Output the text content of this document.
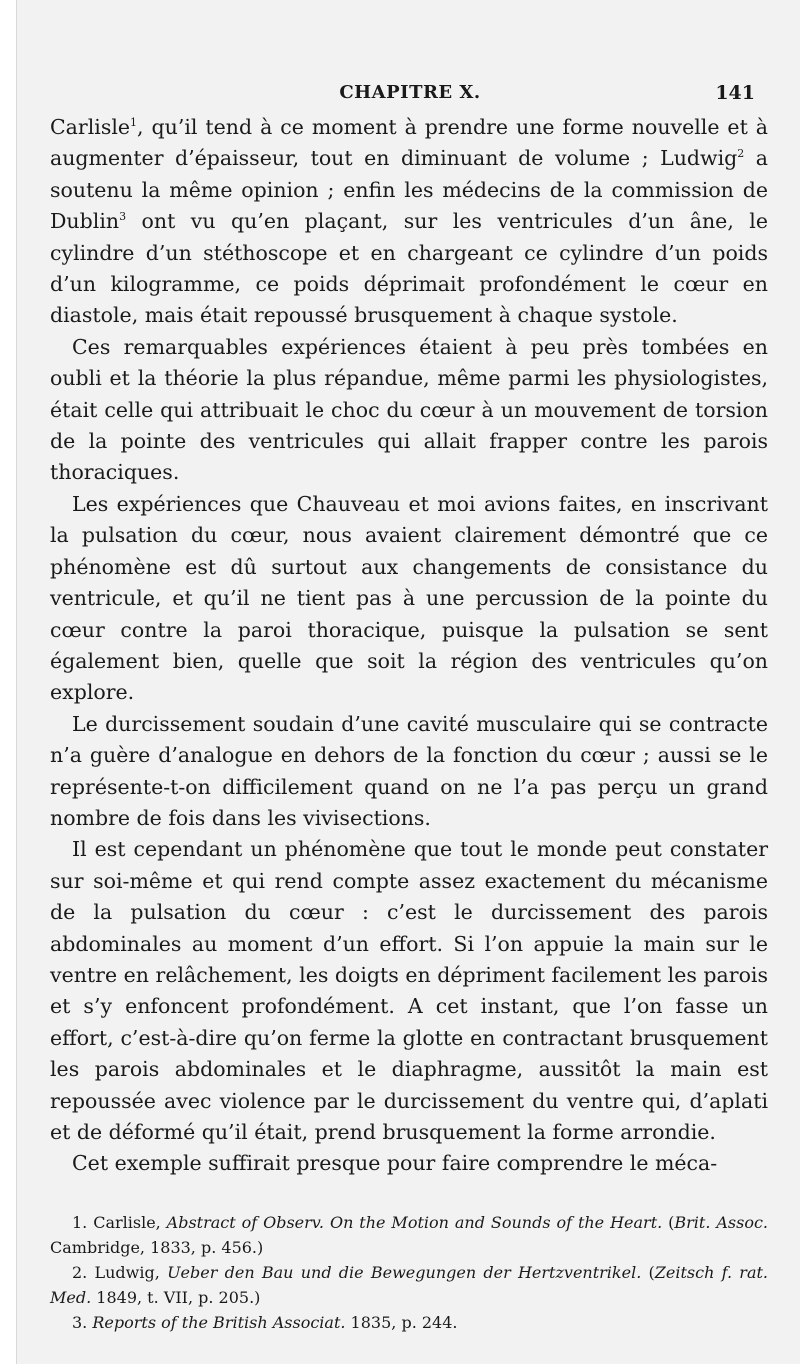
CHAPITRE X.	141

Carlisle$^1$, qu’il tend à ce moment à prendre une forme nouvelle et à augmenter d’épaisseur, tout en diminuant de volume ; Ludwig$^2$ a soutenu la même opinion ; enfin les médecins de la commission de Dublin$^3$ ont vu qu’en plaçant, sur les ventricules d’un âne, le cylindre d’un stéthoscope et en chargeant ce cylindre d’un poids d’un kilogramme, ce poids déprimait profondément le cœur en diastole, mais était repoussé brusquement à chaque systole.

Ces remarquables expériences étaient à peu près tombées en oubli et la théorie la plus répandue, même parmi les physiologistes, était celle qui attribuait le choc du cœur à un mouvement de torsion de la pointe des ventricules qui allait frapper contre les parois thoraciques.

Les expériences que Chauveau et moi avions faites, en inscrivant la pulsation du cœur, nous avaient clairement démontré que ce phénomène est dû surtout aux changements de consistance du ventricule, et qu’il ne tient pas à une percussion de la pointe du cœur contre la paroi thoracique, puisque la pulsation se sent également bien, quelle que soit la région des ventricules qu’on explore.

Le durcissement soudain d’une cavité musculaire qui se contracte n’a guère d’analogue en dehors de la fonction du cœur ; aussi se le représente-t-on difficilement quand on ne l’a pas perçu un grand nombre de fois dans les vivisections.

Il est cependant un phénomène que tout le monde peut constater sur soi-même et qui rend compte assez exactement du mécanisme de la pulsation du cœur : c’est le durcissement des parois abdominales au moment d’un effort. Si l’on appuie la main sur le ventre en relâchement, les doigts en dépriment facilement les parois et s’y enfoncent profondément. A cet instant, que l’on fasse un effort, c’est-à-dire qu’on ferme la glotte en contractant brusquement les parois abdominales et le diaphragme, aussitôt la main est repoussée avec violence par le durcissement du ventre qui, d’aplati et de déformé qu’il était, prend brusquement la forme arrondie.

Cet exemple suffirait presque pour faire comprendre le méca-

1. Carlisle, Abstract of Observ. On the Motion and Sounds of the Heart. (Brit. Assoc. Cambridge, 1833, p. 456.)

2. Ludwig, Ueber den Bau und die Bewegungen der Hertzventrikel. (Zeitsch f. rat. Med. 1849, t. VII, p. 205.)

3. Reports of the British Associat. 1835, p. 244.
